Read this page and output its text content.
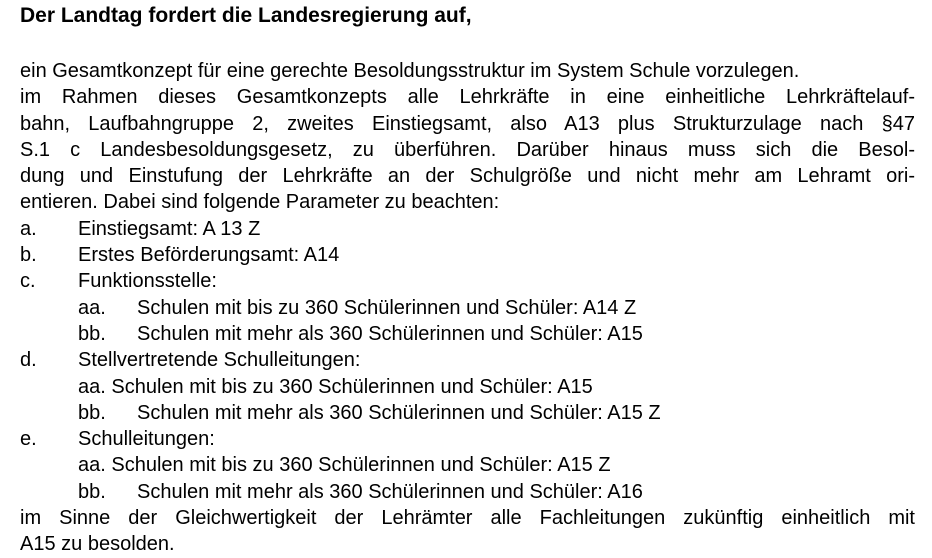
Der Landtag fordert die Landesregierung auf,
ein Gesamtkonzept für eine gerechte Besoldungsstruktur im System Schule vorzulegen.
im Rahmen dieses Gesamtkonzepts alle Lehrkräfte in eine einheitliche Lehrkräftelauf-
bahn, Laufbahngruppe 2, zweites Einstiegsamt, also A13 plus Strukturzulage nach §47
S.1 c Landesbesoldungsgesetz, zu überführen. Darüber hinaus muss sich die Besol-
dung und Einstufung der Lehrkräfte an der Schulgröße und nicht mehr am Lehramt ori-
entieren. Dabei sind folgende Parameter zu beachten:
a. Einstiegsamt: A 13 Z
b. Erstes Beförderungsamt: A14
c. Funktionsstelle:
aa. Schulen mit bis zu 360 Schülerinnen und Schüler: A14 Z
bb. Schulen mit mehr als 360 Schülerinnen und Schüler: A15
d. Stellvertretende Schulleitungen:
aa. Schulen mit bis zu 360 Schülerinnen und Schüler: A15
bb. Schulen mit mehr als 360 Schülerinnen und Schüler: A15 Z
e. Schulleitungen:
aa. Schulen mit bis zu 360 Schülerinnen und Schüler: A15 Z
bb. Schulen mit mehr als 360 Schülerinnen und Schüler: A16
im Sinne der Gleichwertigkeit der Lehrämter alle Fachleitungen zukünftig einheitlich mit
A15 zu besolden.
